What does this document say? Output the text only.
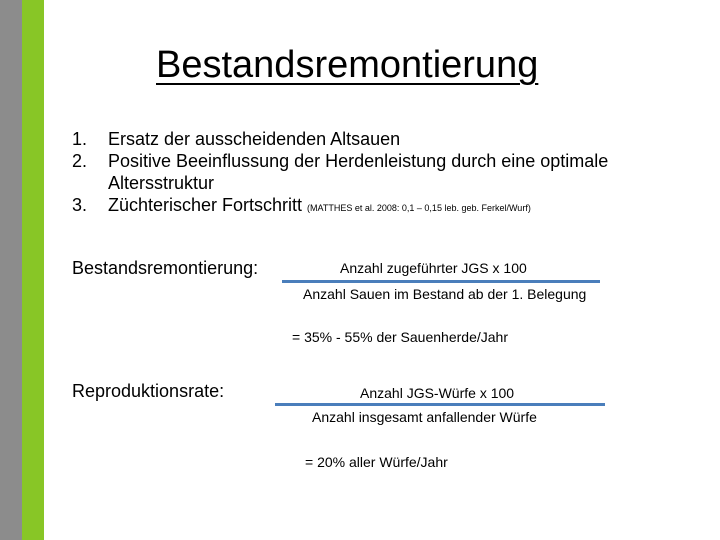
Bestandsremontierung
1. Ersatz der ausscheidenden Altsauen
2. Positive Beeinflussung der Herdenleistung durch eine optimale Altersstruktur
3. Züchterischer Fortschritt (MATTHES et al. 2008: 0,1 – 0,15 leb. geb. Ferkel/Wurf)
Bestandsremontierung:	Anzahl zugeführter JGS x 100
Anzahl Sauen im Bestand ab der 1. Belegung
= 35% - 55% der Sauenherde/Jahr
Reproduktionsrate:	Anzahl JGS-Würfe x 100
Anzahl insgesamt anfallender Würfe
= 20% aller Würfe/Jahr
